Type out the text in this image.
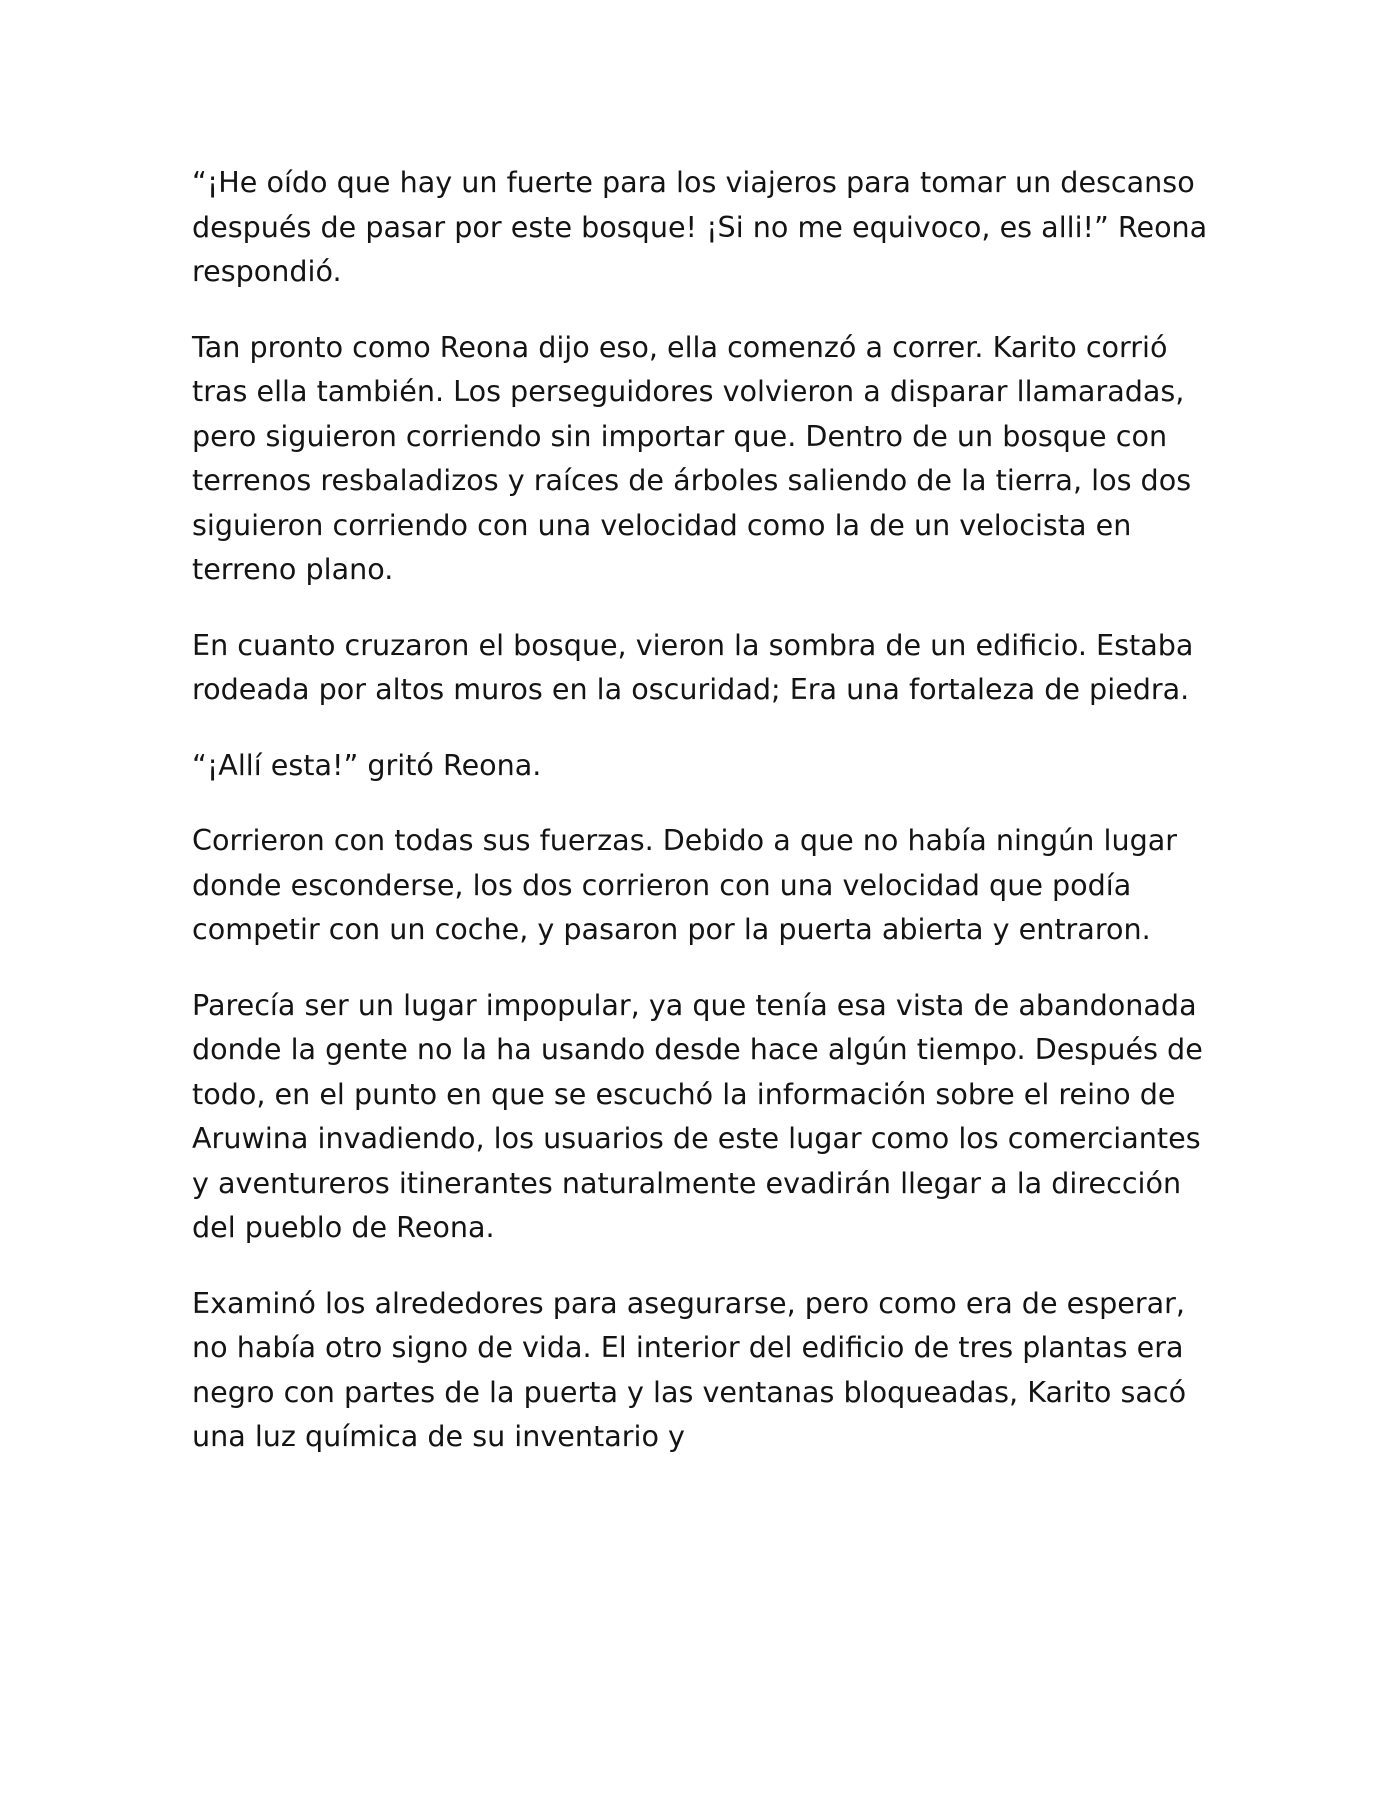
“¡He oído que hay un fuerte para los viajeros para tomar un descanso después de pasar por este bosque! ¡Si no me equivoco, es alli!” Reona respondió.

Tan pronto como Reona dijo eso, ella comenzó a correr. Karito corrió tras ella también. Los perseguidores volvieron a disparar llamaradas, pero siguieron corriendo sin importar que. Dentro de un bosque con terrenos resbaladizos y raíces de árboles saliendo de la tierra, los dos siguieron corriendo con una velocidad como la de un velocista en terreno plano.

En cuanto cruzaron el bosque, vieron la sombra de un edificio. Estaba rodeada por altos muros en la oscuridad; Era una fortaleza de piedra.

“¡Allí esta!” gritó Reona.

Corrieron con todas sus fuerzas. Debido a que no había ningún lugar donde esconderse, los dos corrieron con una velocidad que podía competir con un coche, y pasaron por la puerta abierta y entraron.

Parecía ser un lugar impopular, ya que tenía esa vista de abandonada donde la gente no la ha usando desde hace algún tiempo. Después de todo, en el punto en que se escuchó la información sobre el reino de Aruwina invadiendo, los usuarios de este lugar como los comerciantes y aventureros itinerantes naturalmente evadirán llegar a la dirección del pueblo de Reona.

Examinó los alrededores para asegurarse, pero como era de esperar, no había otro signo de vida. El interior del edificio de tres plantas era negro con partes de la puerta y las ventanas bloqueadas, Karito sacó una luz química de su inventario y
